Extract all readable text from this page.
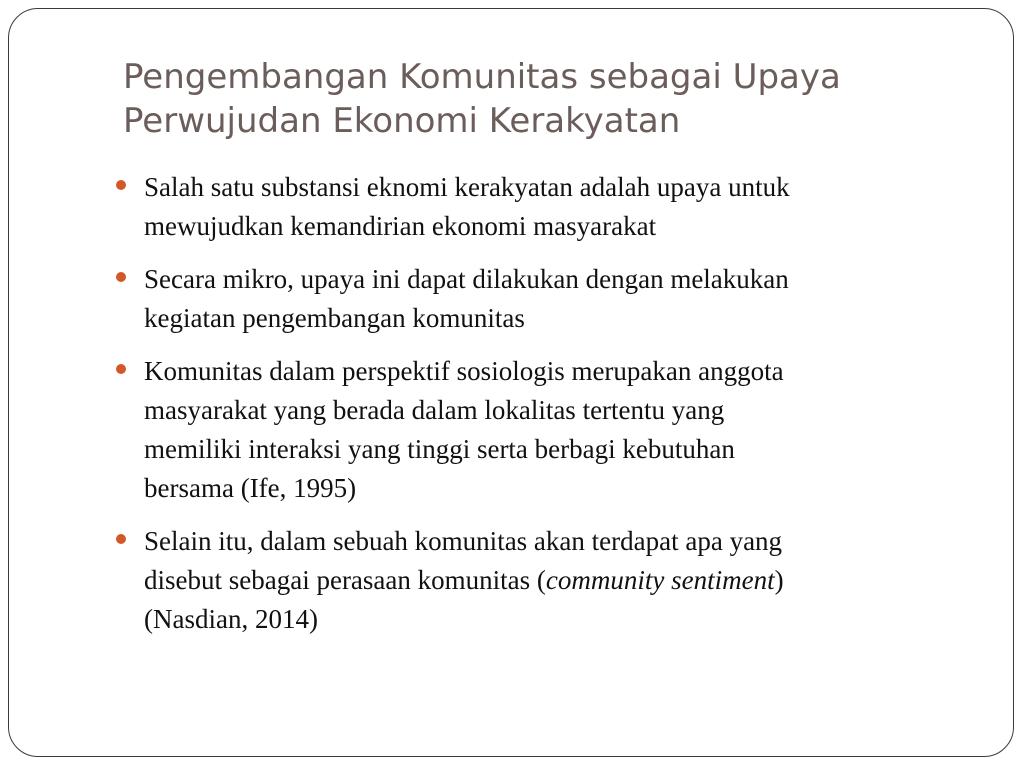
Pengembangan Komunitas sebagai Upaya
Perwujudan Ekonomi Kerakyatan
Salah satu substansi eknomi kerakyatan adalah upaya untuk
mewujudkan kemandirian ekonomi masyarakat
Secara mikro, upaya ini dapat dilakukan dengan melakukan
kegiatan pengembangan komunitas
Komunitas dalam perspektif sosiologis merupakan anggota
masyarakat yang berada dalam lokalitas tertentu yang
memiliki interaksi yang tinggi serta berbagi kebutuhan
bersama (Ife, 1995)
Selain itu, dalam sebuah komunitas akan terdapat apa yang
disebut sebagai perasaan komunitas (community sentiment)
(Nasdian, 2014)
